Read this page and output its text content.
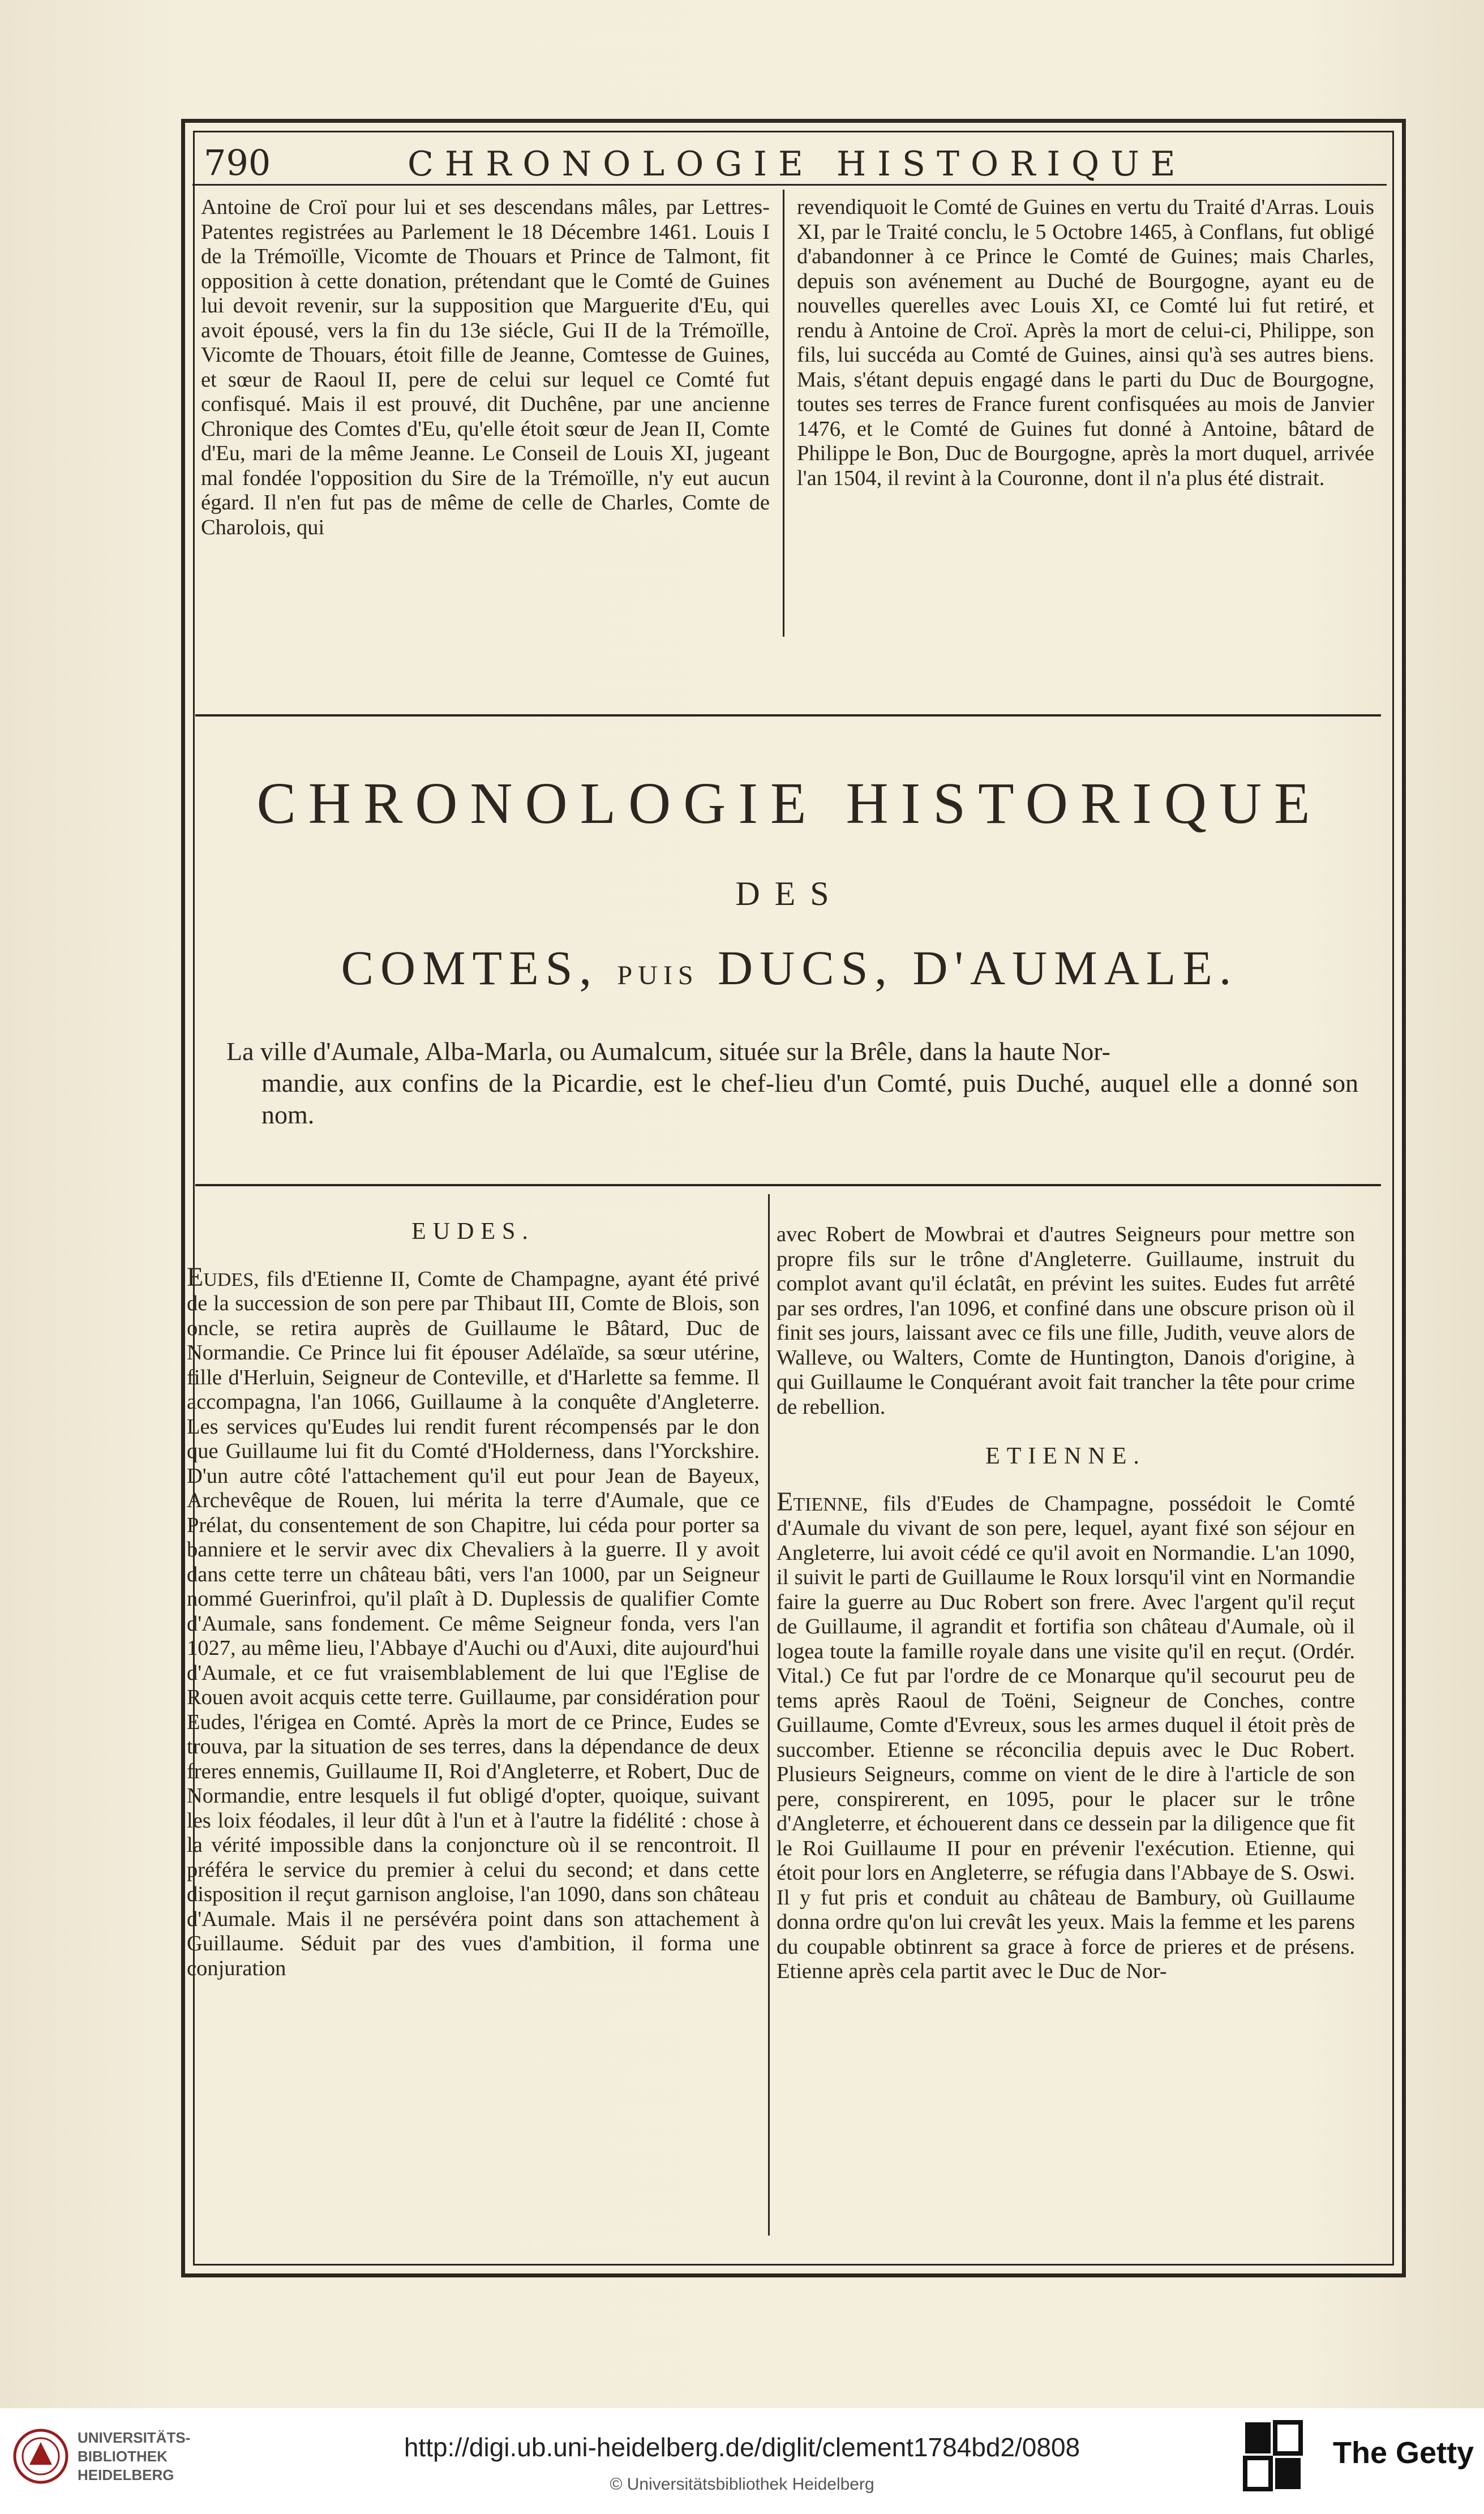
790	CHRONOLOGIE HISTORIQUE

Antoine de Croï pour lui et ses descendans mâles, par Lettres-Patentes registrées au Parlement le 18 Décembre 1461. Louis I de la Trémoïlle, Vicomte de Thouars et Prince de Talmont, fit opposition à cette donation, prétendant que le Comté de Guines lui devoit revenir, sur la supposition que Marguerite d'Eu, qui avoit épousé, vers la fin du 13e siécle, Gui II de la Trémoïlle, Vicomte de Thouars, étoit fille de Jeanne, Comtesse de Guines, et sœur de Raoul II, pere de celui sur lequel ce Comté fut confisqué. Mais il est prouvé, dit Duchêne, par une ancienne Chronique des Comtes d'Eu, qu'elle étoit sœur de Jean II, Comte d'Eu, mari de la même Jeanne. Le Conseil de Louis XI, jugeant mal fondée l'opposition du Sire de la Trémoïlle, n'y eut aucun égard. Il n'en fut pas de même de celle de Charles, Comte de Charolois, qui

revendiquoit le Comté de Guines en vertu du Traité d'Arras. Louis XI, par le Traité conclu, le 5 Octobre 1465, à Conflans, fut obligé d'abandonner à ce Prince le Comté de Guines; mais Charles, depuis son avénement au Duché de Bourgogne, ayant eu de nouvelles querelles avec Louis XI, ce Comté lui fut retiré, et rendu à Antoine de Croï. Après la mort de celui-ci, Philippe, son fils, lui succéda au Comté de Guines, ainsi qu'à ses autres biens. Mais, s'étant depuis engagé dans le parti du Duc de Bourgogne, toutes ses terres de France furent confisquées au mois de Janvier 1476, et le Comté de Guines fut donné à Antoine, bâtard de Philippe le Bon, Duc de Bourgogne, après la mort duquel, arrivée l'an 1504, il revint à la Couronne, dont il n'a plus été distrait.

CHRONOLOGIE HISTORIQUE
DES
COMTES, PUIS DUCS, D'AUMALE.
La ville d'Aumale, Alba-Marla, ou Aumalcum, située sur la Brêle, dans la haute Nor-
mandie, aux confins de la Picardie, est le chef-lieu d'un Comté, puis Duché, auquel elle a donné son nom.
EUDES.

Eudes, fils d'Etienne II, Comte de Champagne, ayant été privé de la succession de son pere par Thibaut III, Comte de Blois, son oncle, se retira auprès de Guillaume le Bâtard, Duc de Normandie. Ce Prince lui fit épouser Adélaïde, sa sœur utérine, fille d'Herluin, Seigneur de Conteville, et d'Harlette sa femme. Il accompagna, l'an 1066, Guillaume à la conquête d'Angleterre. Les services qu'Eudes lui rendit furent récompensés par le don que Guillaume lui fit du Comté d'Holderness, dans l'Yorckshire. D'un autre côté l'attachement qu'il eut pour Jean de Bayeux, Archevêque de Rouen, lui mérita la terre d'Aumale, que ce Prélat, du consentement de son Chapitre, lui céda pour porter sa banniere et le servir avec dix Chevaliers à la guerre. Il y avoit dans cette terre un château bâti, vers l'an 1000, par un Seigneur nommé Guerinfroi, qu'il plaît à D. Duplessis de qualifier Comte d'Aumale, sans fondement. Ce même Seigneur fonda, vers l'an 1027, au même lieu, l'Abbaye d'Auchi ou d'Auxi, dite aujourd'hui d'Aumale, et ce fut vraisemblablement de lui que l'Eglise de Rouen avoit acquis cette terre. Guillaume, par considération pour Eudes, l'érigea en Comté. Après la mort de ce Prince, Eudes se trouva, par la situation de ses terres, dans la dépendance de deux freres ennemis, Guillaume II, Roi d'Angleterre, et Robert, Duc de Normandie, entre lesquels il fut obligé d'opter, quoique, suivant les loix féodales, il leur dût à l'un et à l'autre la fidélité : chose à la vérité impossible dans la conjoncture où il se rencontroit. Il préféra le service du premier à celui du second; et dans cette disposition il reçut garnison angloise, l'an 1090, dans son château d'Aumale. Mais il ne persévéra point dans son attachement à Guillaume. Séduit par des vues d'ambition, il forma une conjuration

avec Robert de Mowbrai et d'autres Seigneurs pour mettre son propre fils sur le trône d'Angleterre. Guillaume, instruit du complot avant qu'il éclatât, en prévint les suites. Eudes fut arrêté par ses ordres, l'an 1096, et confiné dans une obscure prison où il finit ses jours, laissant avec ce fils une fille, Judith, veuve alors de Walleve, ou Walters, Comte de Huntington, Danois d'origine, à qui Guillaume le Conquérant avoit fait trancher la tête pour crime de rebellion.

ETIENNE.

Etienne, fils d'Eudes de Champagne, possédoit le Comté d'Aumale du vivant de son pere, lequel, ayant fixé son séjour en Angleterre, lui avoit cédé ce qu'il avoit en Normandie. L'an 1090, il suivit le parti de Guillaume le Roux lorsqu'il vint en Normandie faire la guerre au Duc Robert son frere. Avec l'argent qu'il reçut de Guillaume, il agrandit et fortifia son château d'Aumale, où il logea toute la famille royale dans une visite qu'il en reçut. (Ordér. Vital.) Ce fut par l'ordre de ce Monarque qu'il secourut peu de tems après Raoul de Toëni, Seigneur de Conches, contre Guillaume, Comte d'Evreux, sous les armes duquel il étoit près de succomber. Etienne se réconcilia depuis avec le Duc Robert. Plusieurs Seigneurs, comme on vient de le dire à l'article de son pere, conspirerent, en 1095, pour le placer sur le trône d'Angleterre, et échouerent dans ce dessein par la diligence que fit le Roi Guillaume II pour en prévenir l'exécution. Etienne, qui étoit pour lors en Angleterre, se réfugia dans l'Abbaye de S. Oswi. Il y fut pris et conduit au château de Bambury, où Guillaume donna ordre qu'on lui crevât les yeux. Mais la femme et les parens du coupable obtinrent sa grace à force de prieres et de présens. Etienne après cela partit avec le Duc de Nor-

UNIVERSITÄTS-
BIBLIOTHEK
HEIDELBERG
http://digi.ub.uni-heidelberg.de/diglit/clement1784bd2/0808
© Universitätsbibliothek Heidelberg
The Getty
